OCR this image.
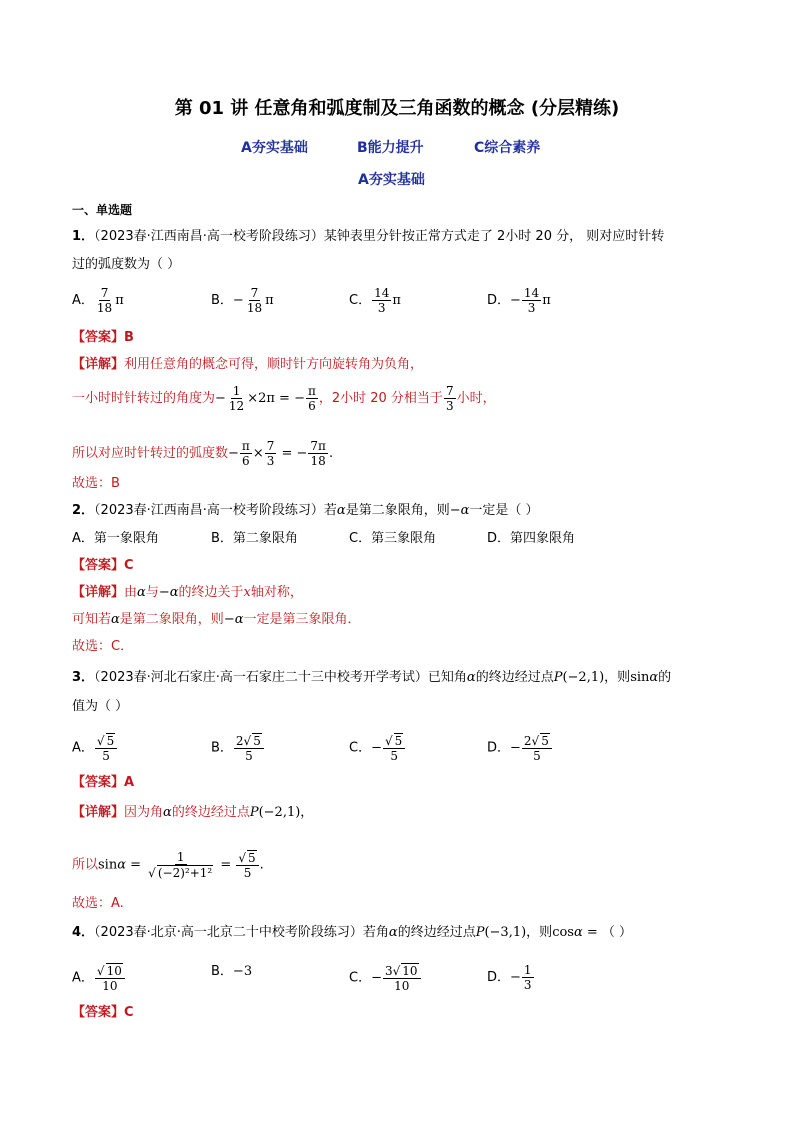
第 01 讲 任意角和弧度制及三角函数的概念 (分层精练)
A夯实基础	B能力提升	C综合素养
A夯实基础
一、单选题
1．（2023春·江西南昌·高一校考阶段练习）某钟表里分针按正常方式走了 2小时 20 分， 则对应时针转
过的弧度数为（ ）
A． $\frac{7}{18}$ π	B．− $\frac{7}{18}$ π	C． $\frac{14}{3}$ π	D．− $\frac{14}{3}$ π
【答案】B
【详解】利用任意角的概念可得，顺时针方向旋转角为负角，
一小时时针转过的角度为− $\frac{1}{12} \times 2\pi$ = − $\frac{\pi}{6}$ ，2小时 20 分相当于 $\frac{7}{3}$ 小时，
所以对应时针转过的弧度数− $\frac{\pi}{6} \times \frac{7}{3}$ = − $\frac{7\pi}{18}$ .
故选：B
2．（2023春·江西南昌·高一校考阶段练习）若α是第二象限角，则−α一定是（ ）
A．第一象限角	B．第二象限角	C．第三象限角	D．第四象限角
【答案】C
【详解】由α与−α的终边关于x轴对称，
可知若α是第二象限角，则−α一定是第三象限角．
故选：C．
3．（2023春·河北石家庄·高一石家庄二十三中校考开学考试）已知角α的终边经过点P(−2,1)，则sinα的
值为（ ）
A． $\frac{√ 5}{5}$	B． $\frac{2√ 5}{5}$	C．− $\frac{√ 5}{5}$	D．− $\frac{2√ 5}{5}$
【答案】A
【详解】因为角α的终边经过点P(−2,1)，
所以$\sin\alpha = \frac{1}{\text{√ (−2)²+1²}} = \frac{√ 5}{5}$ .
故选：A.
4．（2023春·北京·高一北京二十中校考阶段练习）若角α的终边经过点P(−3,1)，则cosα = （ ）
A． $\frac{√ 10}{10}$	B．−3	C．− $\frac{3√ 10}{10}$	D．− $\frac{1}{3}$
【答案】C
